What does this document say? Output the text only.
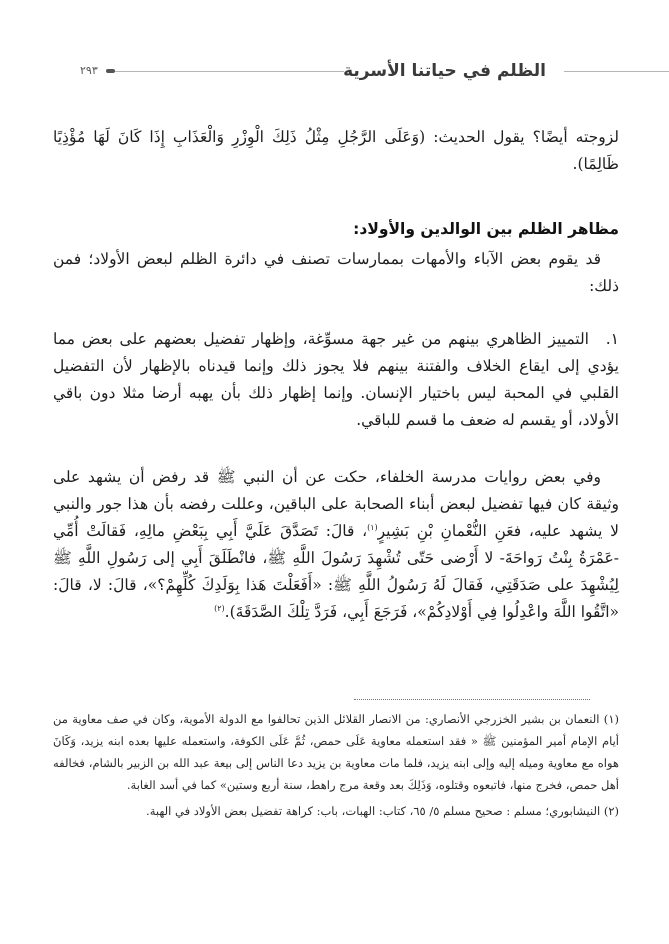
الظلم في حياتنا الأسرية
٢٩٣

لزوجته أيضًا؟ يقول الحديث: (وَعَلَى الرَّجُلِ مِثْلُ ذَلِكَ الْوِزْرِ وَالْعَذَابِ إِذَا كَانَ لَهَا مُؤْذِيًا ظَالِمًا).

مظاهر الظلم بين الوالدين والأولاد:

قد يقوم بعض الآباء والأمهات بممارسات تصنف في دائرة الظلم لبعض الأولاد؛ فمن ذلك:

١.التمييز الظاهري بينهم من غير جهة مسوِّغة، وإظهار تفضيل بعضهم على بعض مما يؤدي إلى ايقاع الخلاف والفتنة بينهم فلا يجوز ذلك وإنما قيدناه بالإظهار لأن التفضيل القلبي في المحبة ليس باختيار الإنسان. وإنما إظهار ذلك بأن يهبه أرضا مثلا دون باقي الأولاد، أو يقسم له ضعف ما قسم للباقي.

وفي بعض روايات مدرسة الخلفاء، حكت عن أن النبي ﷺ قد رفض أن يشهد على وثيقة كان فيها تفضيل لبعض أبناء الصحابة على الباقين، وعللت رفضه بأن هذا جور والنبي لا يشهد عليه، فعَنِ النُّعْمانِ بْنِ بَشِيرٍ$^{(١)}$، قالَ: تَصَدَّقَ عَلَيَّ أَبِي بِبَعْضِ مالِهِ، فَقالَتْ أُمِّي -عَمْرَةُ بِنْتُ رَواحَةَ- لا أَرْضى حَتّى تُشْهِدَ رَسُولَ اللَّهِ ﷺ، فانْطَلَقَ أَبِي إلى رَسُولِ اللَّهِ ﷺ لِيُشْهِدَ على صَدَقَتِي، فَقالَ لَهُ رَسُولُ اللَّهِ ﷺ: «أَفَعَلْتَ هَذا بِوَلَدِكَ كُلِّهِمْ؟»، قالَ: لا، قالَ: «اتَّقُوا اللَّهَ واعْدِلُوا فِي أَوْلادِكُمْ»، فَرَجَعَ أَبِي، فَرَدَّ تِلْكَ الصَّدَقَةَ).$^{(٢)}$

(١) النعمان بن بشير الخزرجي الأنصاري: من الانصار القلائل الذين تحالفوا مع الدولة الأموية، وكان في صف معاوية من أيام الإمام أمير المؤمنين ﷺ « فقد استعمله معاوية عَلَى حمص، ثُمَّ عَلَى الكوفة، واستعمله عليها بعده ابنه يزيد، وَكَانَ هواه مع معاوية وميله إليه وإلى ابنه يزيد، فلما مات معاوية بن يزيد دعا الناس إلى بيعة عبد الله بن الزبير بالشام، فخالفه أهل حمص، فخرج منها، فاتبعوه وقتلوه، وَذَلِكَ بعد وقعة مرج راهط، سنة أربع وستين» كما في أسد الغابة.

(٢) النيشابوري؛ مسلم : صحيح مسلم ٥/ ٦٥، كتاب: الهبات، باب: كراهة تفضيل بعض الأولاد في الهبة.
